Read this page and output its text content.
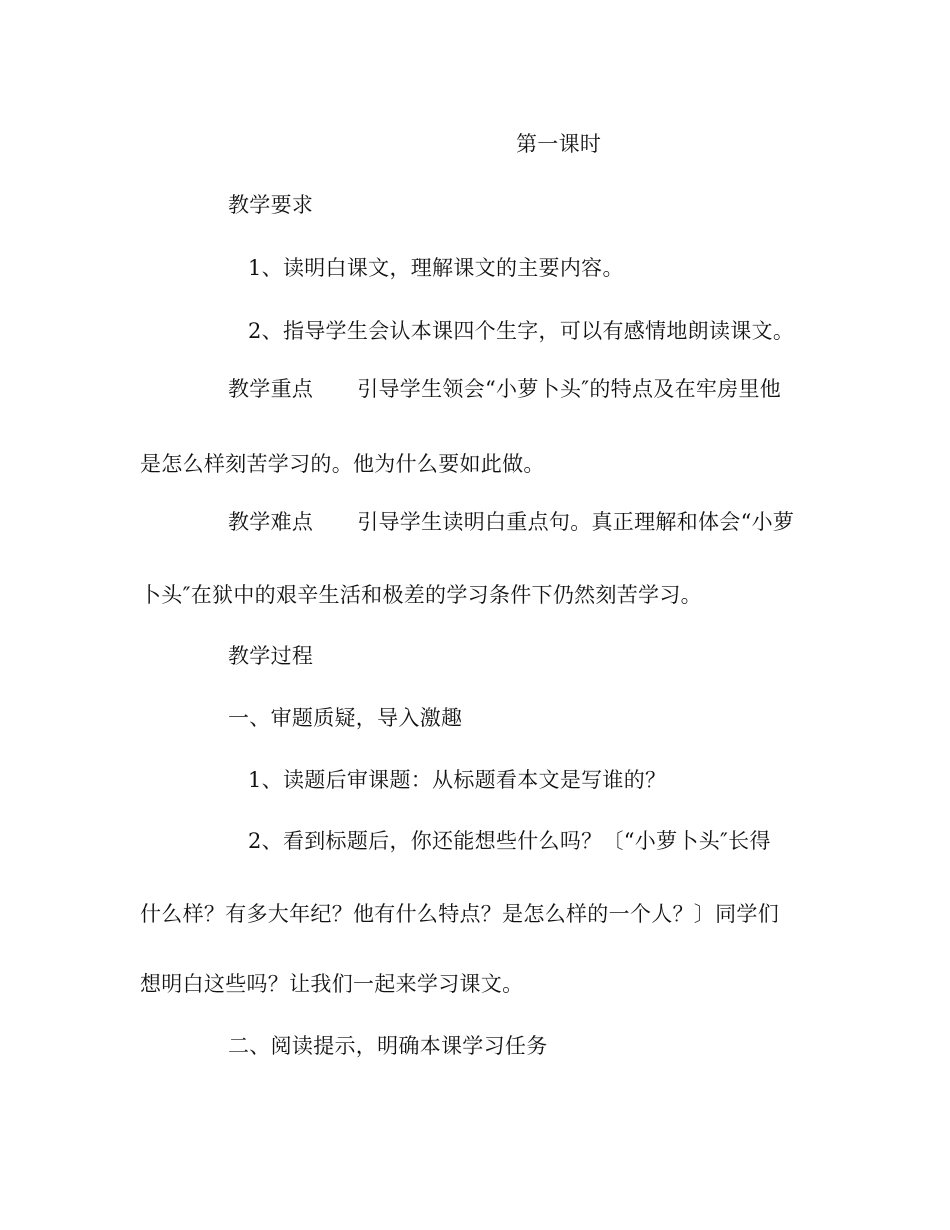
第一课时
教学要求
1、读明白课文，理解课文的主要内容。
2、指导学生会认本课四个生字，可以有感情地朗读课文。
教学重点 引导学生领会“小萝卜头″的特点及在牢房里他
是怎么样刻苦学习的。他为什么要如此做。
教学难点 引导学生读明白重点句。真正理解和体会“小萝
卜头″在狱中的艰辛生活和极差的学习条件下仍然刻苦学习。
教学过程
一、审题质疑，导入激趣
1、读题后审课题：从标题看本文是写谁的？
2、看到标题后，你还能想些什么吗？〔“小萝卜头″长得
什么样？有多大年纪？他有什么特点？是怎么样的一个人？〕同学们
想明白这些吗？让我们一起来学习课文。
二、阅读提示，明确本课学习任务
